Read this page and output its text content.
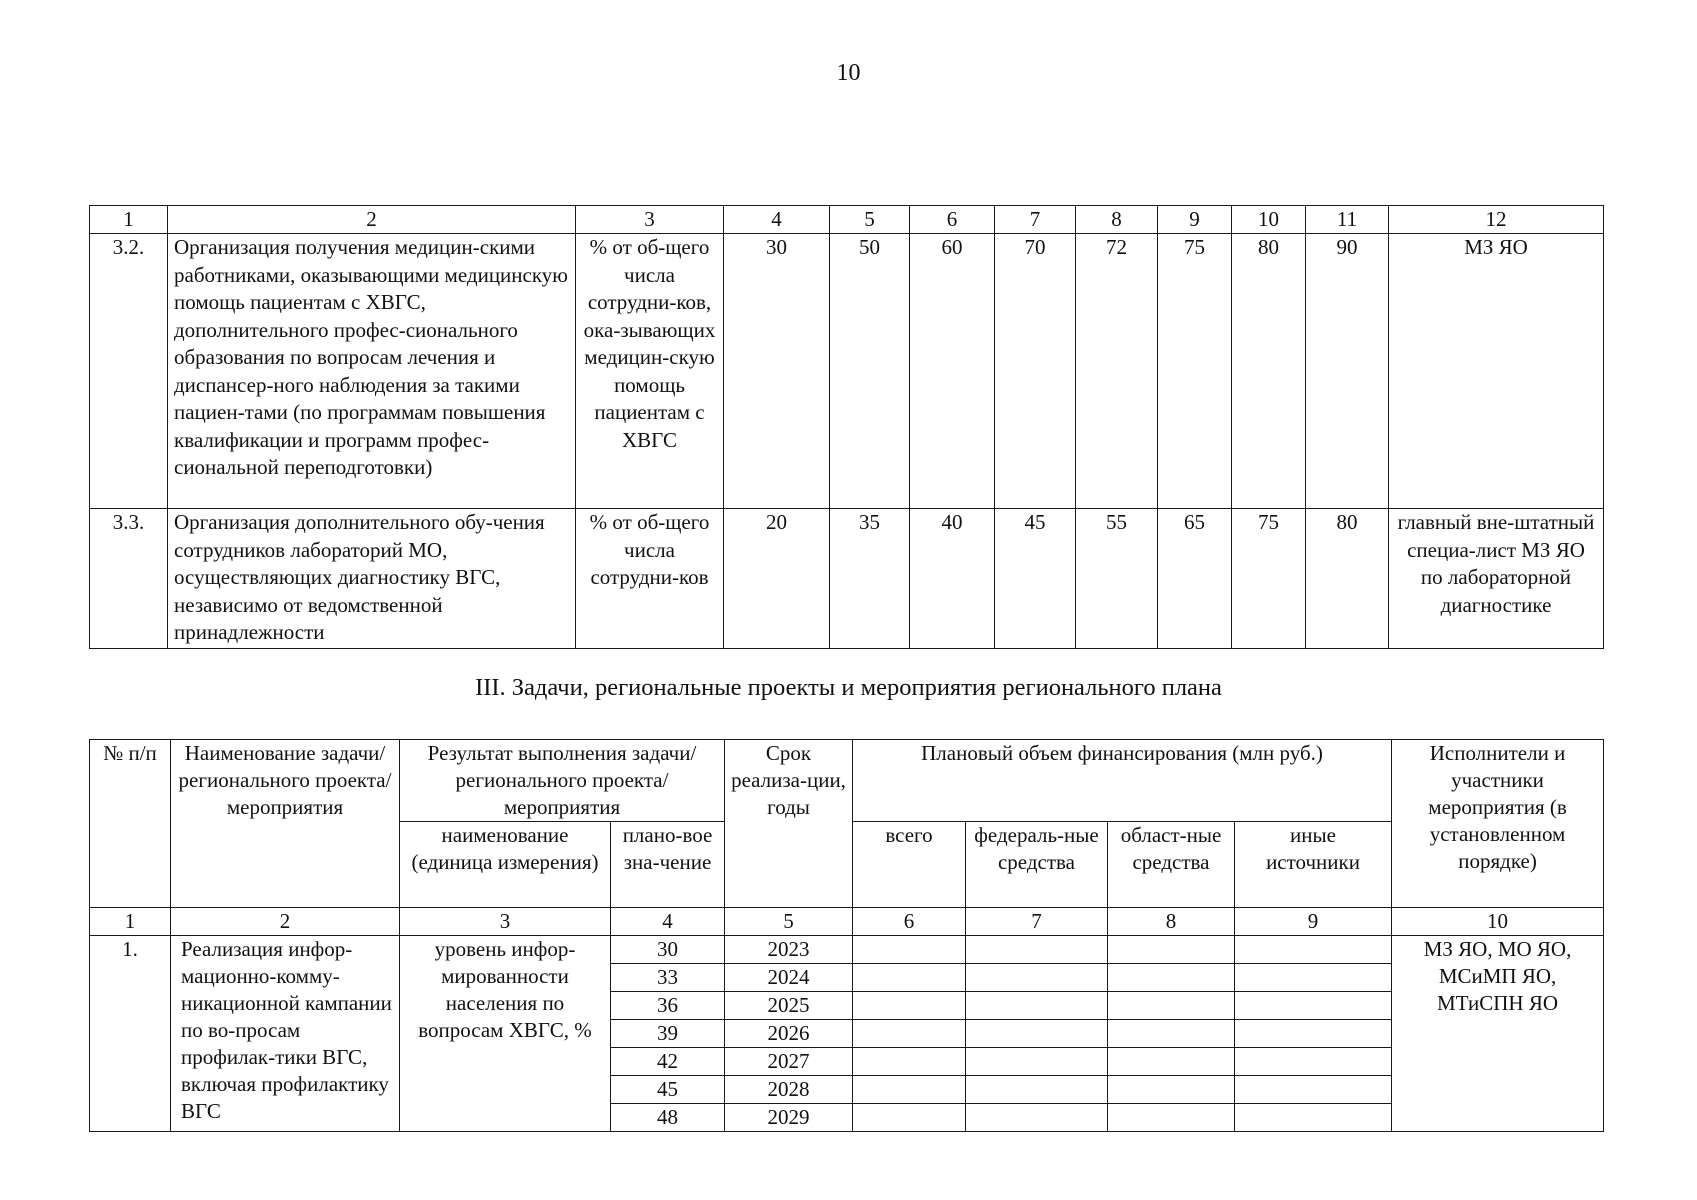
10
1	2	3	4	5	6	7	8	9	10	11	12
3.2.	Организация получения медицин-скими работниками, оказывающими медицинскую помощь пациентам с ХВГС, дополнительного профес-сионального образования по вопросам лечения и диспансер-ного наблюдения за такими пациен-тами (по программам повышения квалификации и программ профес-сиональной переподготовки)	% от об-щего числа сотрудни-ков, ока-зывающих медицин-скую помощь пациентам с ХВГС	30	50	60	70	72	75	80	90	МЗ ЯО
3.3.	Организация дополнительного обу-чения сотрудников лабораторий МО, осуществляющих диагностику ВГС, независимо от ведомственной принадлежности	% от об-щего числа сотрудни-ков	20	35	40	45	55	65	75	80	главный вне-штатный специа-лист МЗ ЯО по лабораторной диагностике
III. Задачи, региональные проекты и мероприятия регионального плана
№ п/п	Наименование задачи/ регионального проекта/ мероприятия	Результат выполнения задачи/ регионального проекта/ мероприятия		Срок реализа-ции, годы	Плановый объем финансирования (млн руб.)				Исполнители и участники мероприятия (в установленном порядке)
		наименование (единица измерения)	плано-вое зна-чение		всего	федераль-ные средства	област-ные средства	иные источники	
1	2	3	4	5	6	7	8	9	10
1.	Реализация инфор-мационно-комму-никационной кампании по во-просам профилак-тики ВГС, включая профилактику ВГС	уровень инфор-мированности населения по вопросам ХВГС, %	30	2023					МЗ ЯО, МО ЯО, МСиМП ЯО, МТиСПН ЯО
			33	2024					
			36	2025					
			39	2026					
			42	2027					
			45	2028					
			48	2029					
